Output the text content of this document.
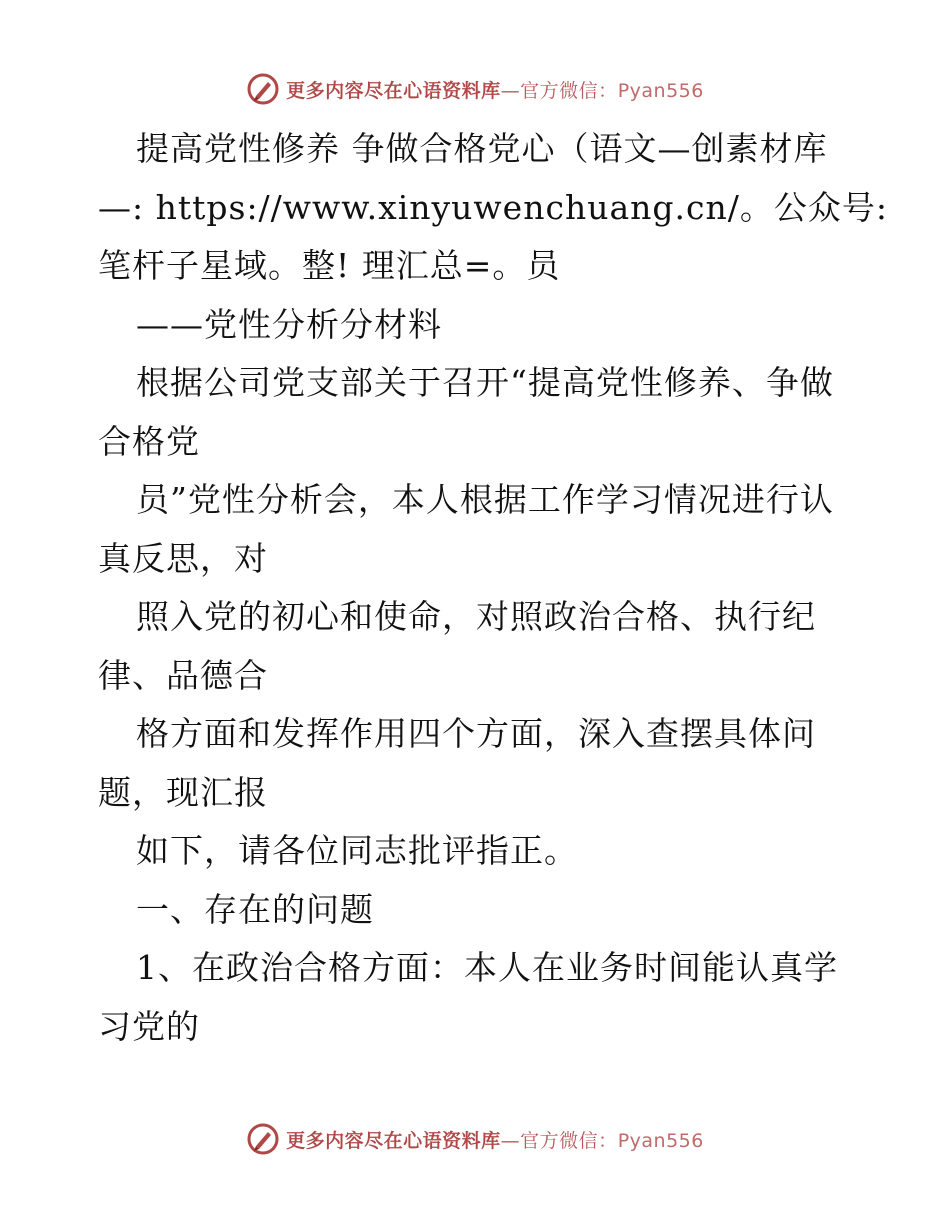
更多内容尽在心语资料库—官方微信：Pyan556
提高党性修养 争做合格党心（语文—创素材库
—: https://www.xinyuwenchuang.cn/。公众号:
笔杆子星域。整! 理汇总=。员
——党性分析分材料
根据公司党支部关于召开“提高党性修养、争做
合格党
员”党性分析会，本人根据工作学习情况进行认
真反思，对
照入党的初心和使命，对照政治合格、执行纪
律、品德合
格方面和发挥作用四个方面，深入查摆具体问
题，现汇报
如下，请各位同志批评指正。
一、存在的问题
1、在政治合格方面：本人在业务时间能认真学
习党的
更多内容尽在心语资料库—官方微信：Pyan556
